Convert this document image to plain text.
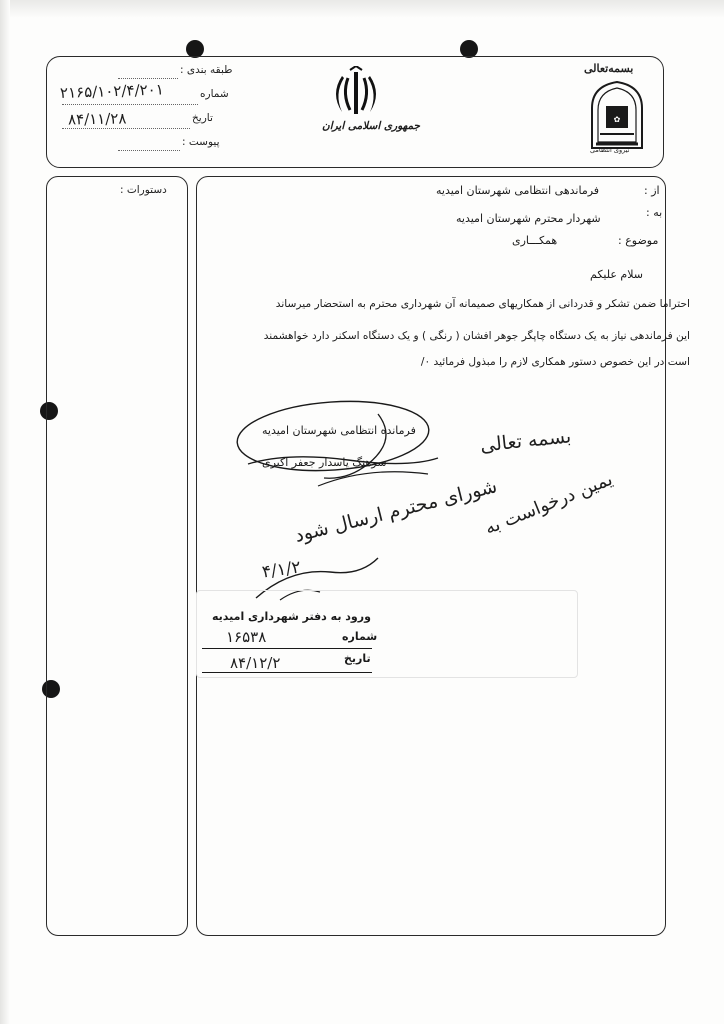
بسمه‌تعالی
✿
نیروی انتظامی
جمهوری اسلامی ایران
طبقه بندی :
شماره
۲۱۶۵/۱۰۲/۴/۲۰۱
تاریخ
۸۴/۱۱/۲۸
پیوست :
دستورات :	از :
فرماندهی انتظامی شهرستان امیدیه
به :
شهردار محترم شهرستان امیدیه
موضوع :
همکـــاری
سلام علیکم
احتراما ضمن تشکر و قدردانی از همکاریهای صمیمانه آن شهرداری محترم به استحضار میرساند
این فرماندهی نیاز به یک دستگاه چاپگر جوهر افشان ( رنگی ) و یک دستگاه اسکنر دارد خواهشمند
است در این خصوص دستور همکاری لازم را مبذول فرمائید ٠/
فرمانده انتظامی شهرستان امیدیه
سرهنگ پاسدار جعفر اکبری
بسمه تعالی
یمین درخواست به
شورای محترم ارسال شود
۴/۱/۲
ورود به دفتر شهرداری امیدیه
شماره
۱۶۵۳۸
تاریخ
۸۴/۱۲/۲
